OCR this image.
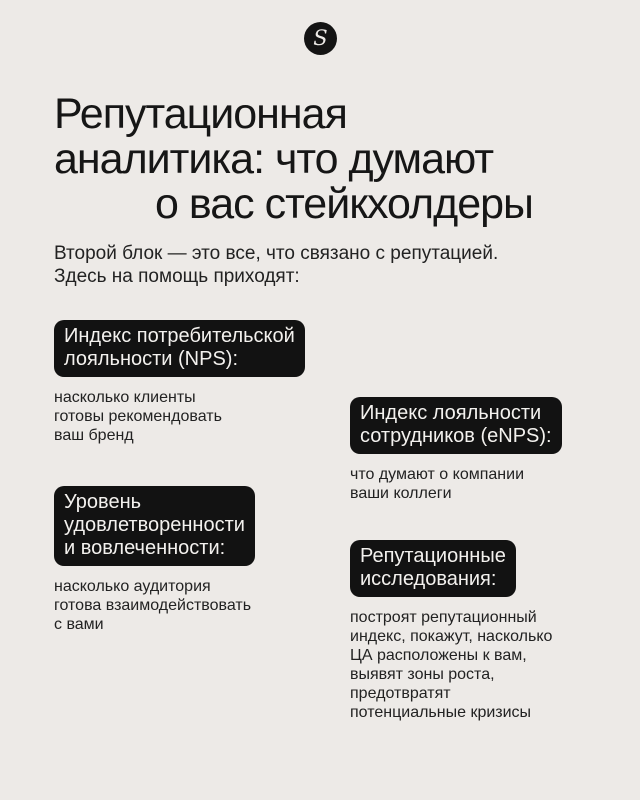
S
Репутационная
аналитика: что думают
о вас стейкхолдеры
Второй блок — это все, что связано с репутацией.
Здесь на помощь приходят:
Индекс потребительской
лояльности (NPS):
насколько клиенты
готовы рекомендовать
ваш бренд
Уровень
удовлетворенности
и вовлеченности:
насколько аудитория
готова взаимодействовать
с вами
Индекс лояльности
сотрудников (eNPS):
что думают о компании
ваши коллеги
Репутационные
исследования:
построят репутационный
индекс, покажут, насколько
ЦА расположены к вам,
выявят зоны роста,
предотвратят
потенциальные кризисы
